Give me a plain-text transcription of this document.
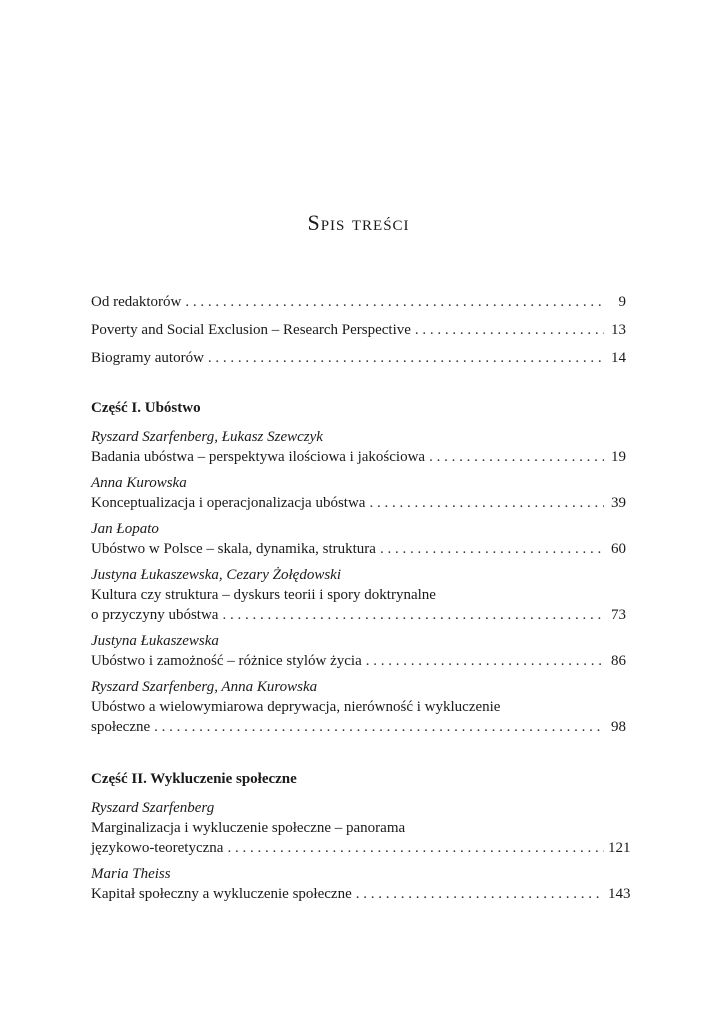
Spis treści
Od redaktorów . . .	9
Poverty and Social Exclusion – Research Perspective . . .	13
Biogramy autorów . . .	14
Część I. Ubóstwo
Ryszard Szarfenberg, Łukasz Szewczyk
Badania ubóstwa – perspektywa ilościowa i jakościowa . . .	19
Anna Kurowska
Konceptualizacja i operacjonalizacja ubóstwa . . .	39
Jan Łopato
Ubóstwo w Polsce – skala, dynamika, struktura . . .	60
Justyna Łukaszewska, Cezary Żołędowski
Kultura czy struktura – dyskurs teorii i spory doktrynalne
o przyczyny ubóstwa . . .	73
Justyna Łukaszewska
Ubóstwo i zamożność – różnice stylów życia . . .	86
Ryszard Szarfenberg, Anna Kurowska
Ubóstwo a wielowymiarowa deprywacja, nierówność i wykluczenie
społeczne . . .	98
Część II. Wykluczenie społeczne
Ryszard Szarfenberg
Marginalizacja i wykluczenie społeczne – panorama
językowo-teoretyczna . . .	121
Maria Theiss
Kapitał społeczny a wykluczenie społeczne . . .	143
